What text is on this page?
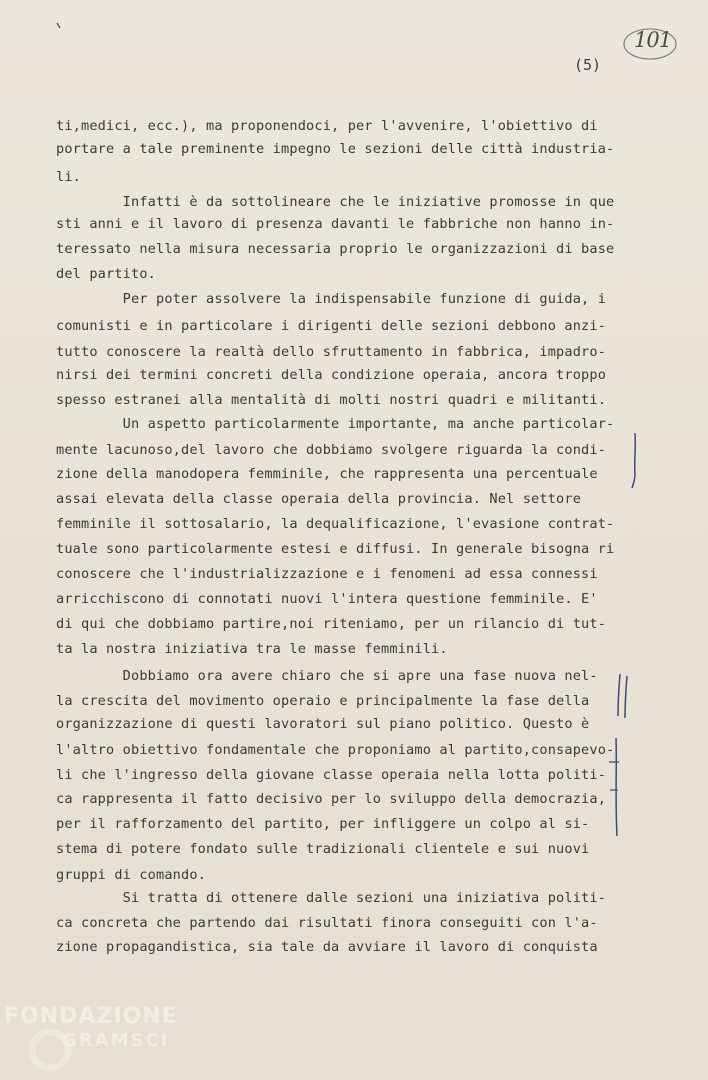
101
(5)
ti,medici, ecc.), ma proponendoci, per l'avvenire, l'obiettivo di
portare a tale preminente impegno le sezioni delle città industria-
li.
Infatti è da sottolineare che le iniziative promosse in que
sti anni e il lavoro di presenza davanti le fabbriche non hanno in-
teressato nella misura necessaria proprio le organizzazioni di base
del partito.
Per poter assolvere la indispensabile funzione di guida, i
comunisti e in particolare i dirigenti delle sezioni debbono anzi-
tutto conoscere la realtà dello sfruttamento in fabbrica, impadro-
nirsi dei termini concreti della condizione operaia, ancora troppo
spesso estranei alla mentalità di molti nostri quadri e militanti.
Un aspetto particolarmente importante, ma anche particolar-
mente lacunoso,del lavoro che dobbiamo svolgere riguarda la condi-
zione della manodopera femminile, che rappresenta una percentuale
assai elevata della classe operaia della provincia. Nel settore
femminile il sottosalario, la dequalificazione, l'evasione contrat-
tuale sono particolarmente estesi e diffusi. In generale bisogna ri
conoscere che l'industrializzazione e i fenomeni ad essa connessi
arricchiscono di connotati nuovi l'intera questione femminile. E'
di qui che dobbiamo partire,noi riteniamo, per un rilancio di tut-
ta la nostra iniziativa tra le masse femminili.
Dobbiamo ora avere chiaro che si apre una fase nuova nel-
la crescita del movimento operaio e principalmente la fase della
organizzazione di questi lavoratori sul piano politico. Questo è
l'altro obiettivo fondamentale che proponiamo al partito,consapevo-
li che l'ingresso della giovane classe operaia nella lotta politi-
ca rappresenta il fatto decisivo per lo sviluppo della democrazia,
per il rafforzamento del partito, per infliggere un colpo al si-
stema di potere fondato sulle tradizionali clientele e sui nuovi
gruppi di comando.
Si tratta di ottenere dalle sezioni una iniziativa politi-
ca concreta che partendo dai risultati finora conseguiti con l'a-
zione propagandistica, sia tale da avviare il lavoro di conquista
FONDAZIONE
GRAMSCI
